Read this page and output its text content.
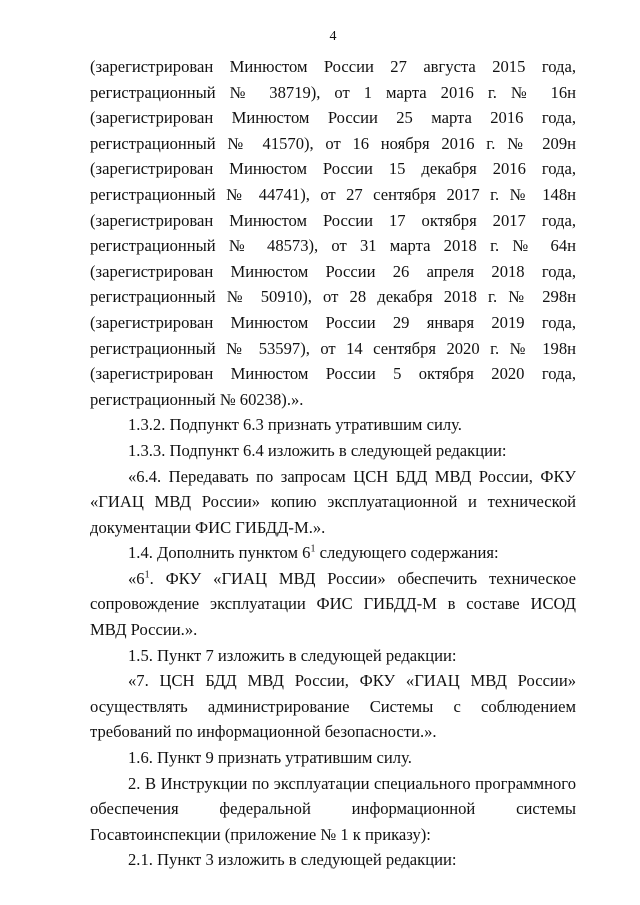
4

(зарегистрирован Минюстом России 27 августа 2015 года, регистрационный № 38719), от 1 марта 2016 г. № 16н (зарегистрирован Минюстом России 25 марта 2016 года, регистрационный № 41570), от 16 ноября 2016 г. № 209н (зарегистрирован Минюстом России 15 декабря 2016 года, регистрационный № 44741), от 27 сентября 2017 г. № 148н (зарегистрирован Минюстом России 17 октября 2017 года, регистрационный № 48573), от 31 марта 2018 г. № 64н (зарегистрирован Минюстом России 26 апреля 2018 года, регистрационный № 50910), от 28 декабря 2018 г. № 298н (зарегистрирован Минюстом России 29 января 2019 года, регистрационный № 53597), от 14 сентября 2020 г. № 198н (зарегистрирован Минюстом России 5 октября 2020 года, регистрационный № 60238).».

1.3.2. Подпункт 6.3 признать утратившим силу.

1.3.3. Подпункт 6.4 изложить в следующей редакции:

«6.4. Передавать по запросам ЦСН БДД МВД России, ФКУ «ГИАЦ МВД России» копию эксплуатационной и технической документации ФИС ГИБДД-М.».

1.4. Дополнить пунктом $6^1$ следующего содержания:

«$6^1$. ФКУ «ГИАЦ МВД России» обеспечить техническое сопровождение эксплуатации ФИС ГИБДД-М в составе ИСОД МВД России.».

1.5. Пункт 7 изложить в следующей редакции:

«7. ЦСН БДД МВД России, ФКУ «ГИАЦ МВД России» осуществлять администрирование Системы с соблюдением требований по информационной безопасности.».

1.6. Пункт 9 признать утратившим силу.

2. В Инструкции по эксплуатации специального программного обеспечения федеральной информационной системы Госавтоинспекции (приложение № 1 к приказу):

2.1. Пункт 3 изложить в следующей редакции:
